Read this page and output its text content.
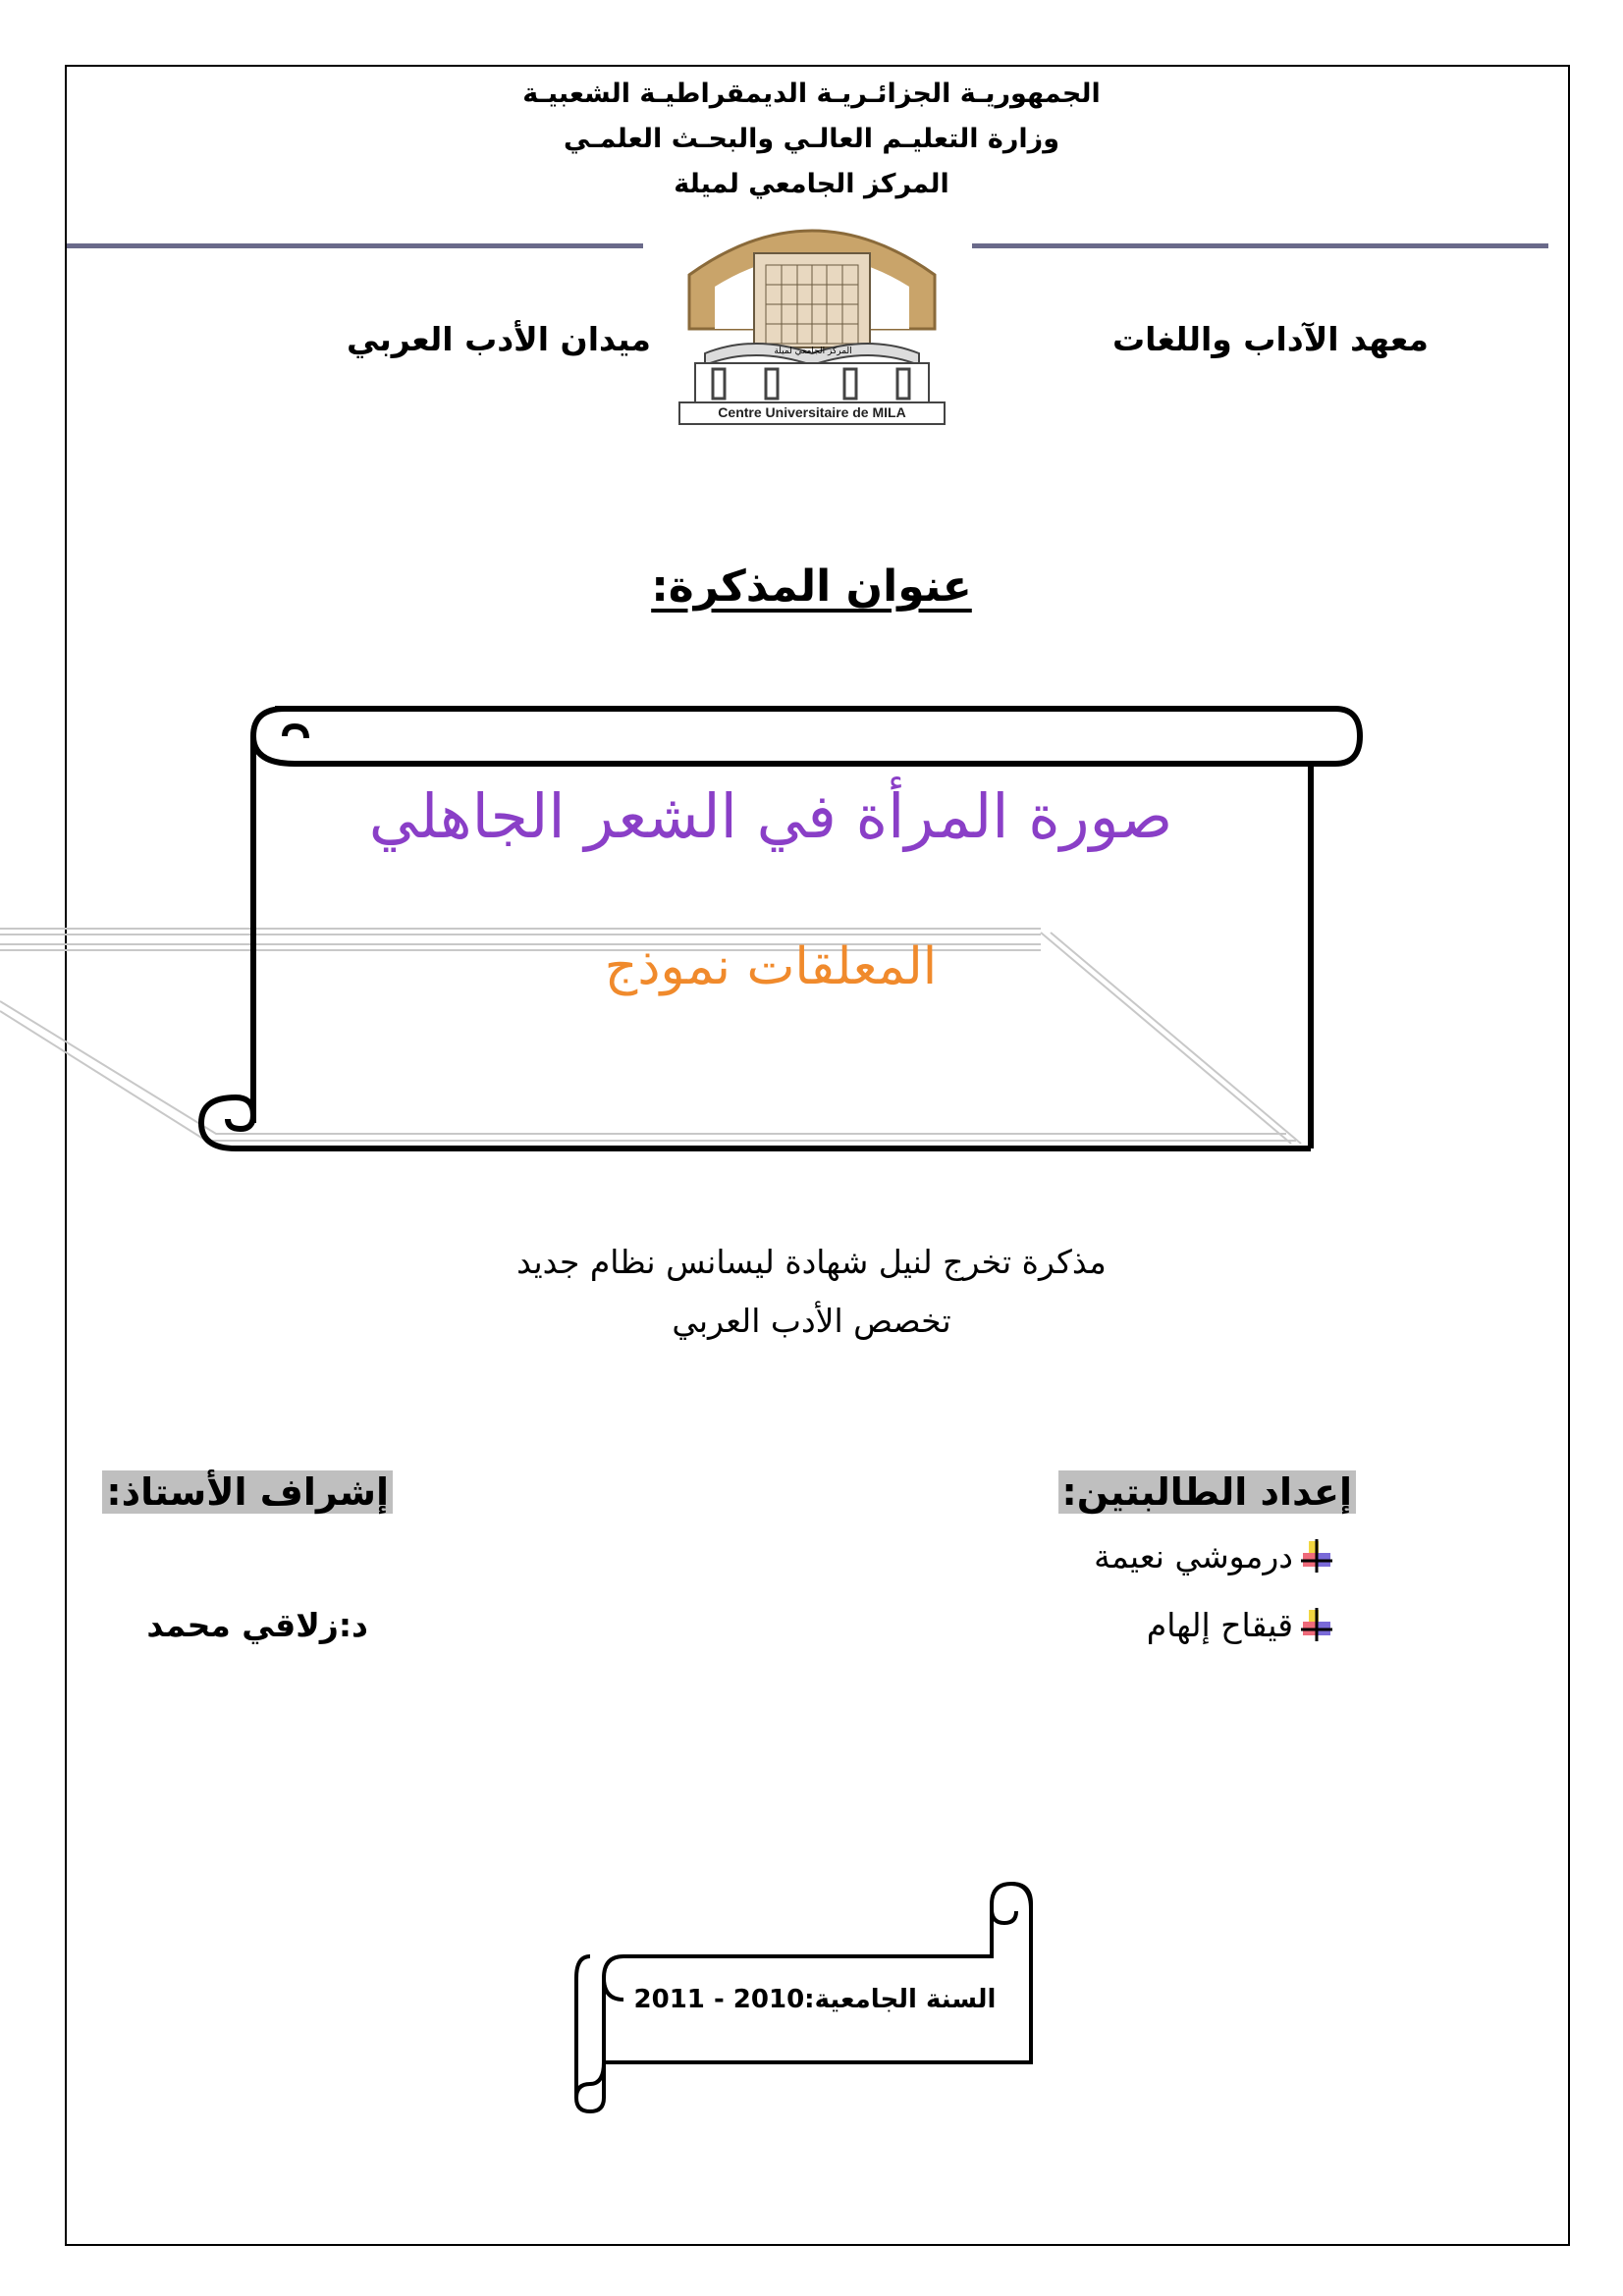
الجمهوريـة الجزائـريـة الديمقراطيـة الشعبيـة
وزارة التعليـم العالـي والبحـث العلمـي
المركز الجامعي لميلة
المركز الجامعي لميلة
Centre Universitaire de MILA
معهد الآداب واللغات
ميدان الأدب العربي
عنوان المذكرة:
صورة المرأة في الشعر الجاهلي
المعلقات نموذج
مذكرة تخرج لنيل شهادة ليسانس نظام جديد
تخصص الأدب العربي
إعداد الطالبتين:
درموشي نعيمة
قيقاح إلهام
إشراف الأستاذ:
د:زلاقي محمد
السنة الجامعية:2010 - 2011
